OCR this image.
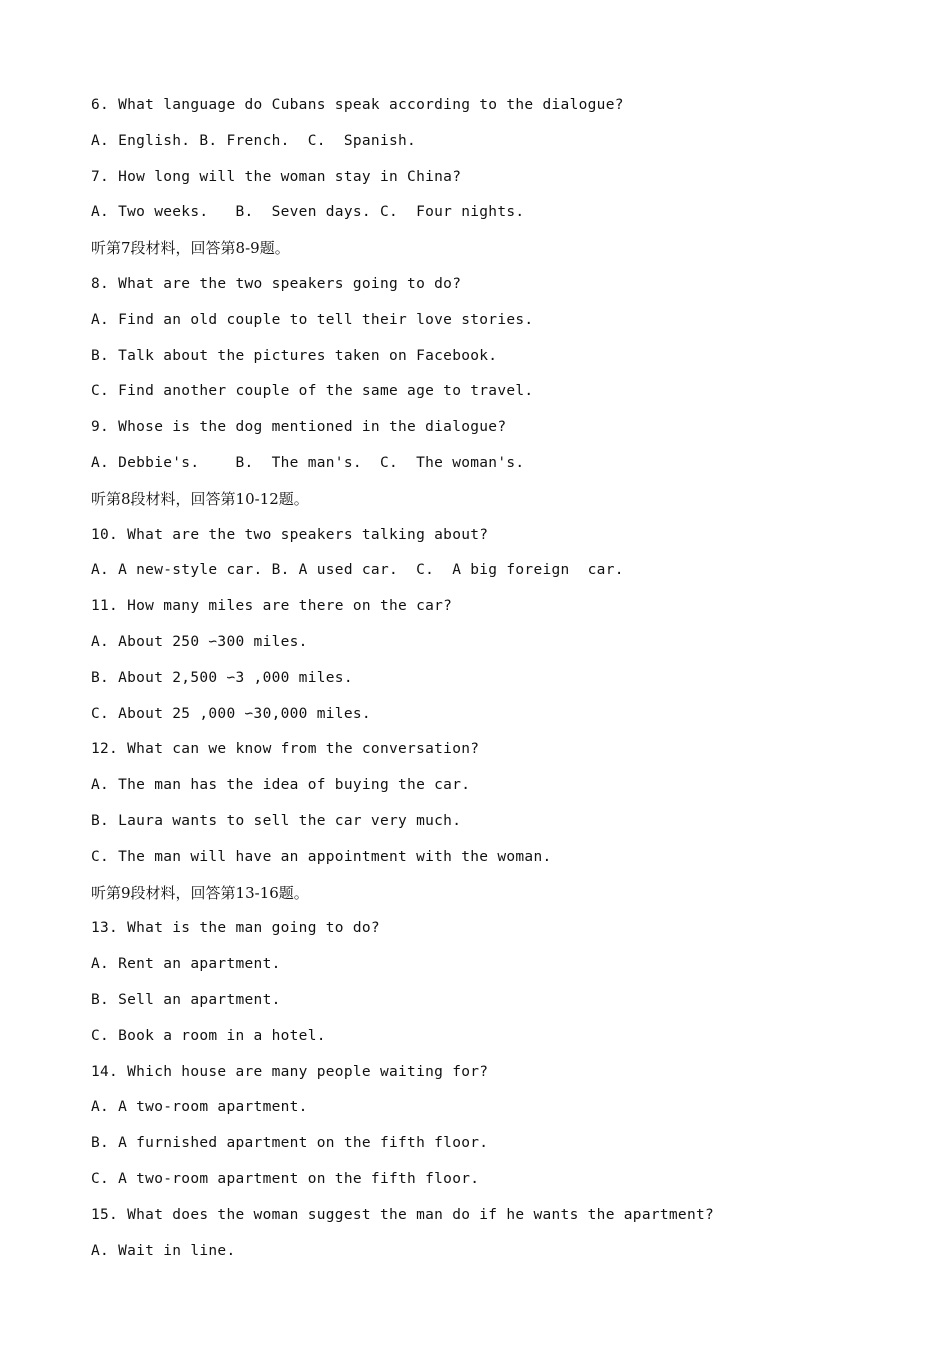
6. What language do Cubans speak according to the dialogue?
A. English. B. French.  C.  Spanish.
7. How long will the woman stay in China?
A. Two weeks.   B.  Seven days. C.  Four nights.
听第7段材料，回答第8-9题。
8. What are the two speakers going to do?
A. Find an old couple to tell their love stories.
B. Talk about the pictures taken on Facebook.
C. Find another couple of the same age to travel.
9. Whose is the dog mentioned in the dialogue?
A. Debbie's.    B.  The man's.  C.  The woman's.
听第8段材料，回答第10-12题。
10. What are the two speakers talking about?
A. A new-style car. B. A used car.  C.  A big foreign  car.
11. How many miles are there on the car?
A. About 250 ∽300 miles.
B. About 2,500 ∽3 ,000 miles.
C. About 25 ,000 ∽30,000 miles.
12. What can we know from the conversation?
A. The man has the idea of buying the car.
B. Laura wants to sell the car very much.
C. The man will have an appointment with the woman.
听第9段材料，回答第13-16题。
13. What is the man going to do?
A. Rent an apartment.
B. Sell an apartment.
C. Book a room in a hotel.
14. Which house are many people waiting for?
A. A two-room apartment.
B. A furnished apartment on the fifth floor.
C. A two-room apartment on the fifth floor.
15. What does the woman suggest the man do if he wants the apartment?
A. Wait in line.
